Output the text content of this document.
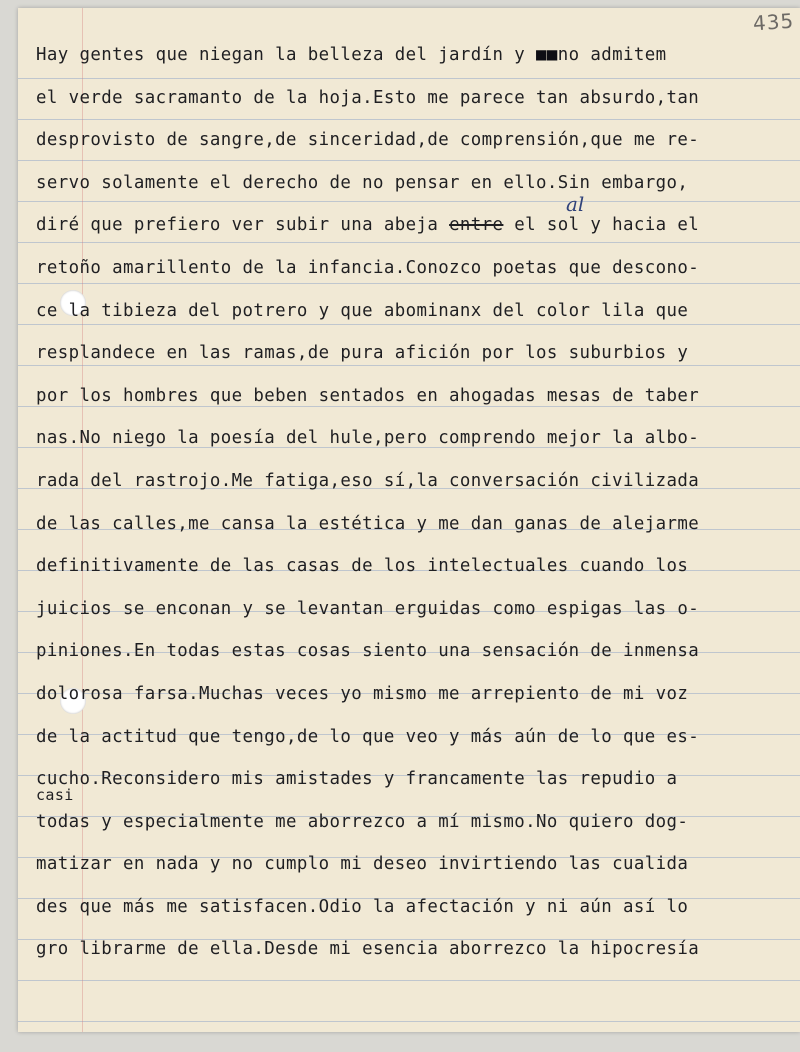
435
al
Hay gentes que niegan la belleza del jardín y ■■no admitem
el verde sacramanto de la hoja.Esto me parece tan absurdo,tan
desprovisto de sangre,de sinceridad,de comprensión,que me re-
servo solamente el derecho de no pensar en ello.Sin embargo,
diré que prefiero ver subir una abeja entre el sol y hacia el
retoño amarillento de la infancia.Conozco poetas que descono-
ce la tibieza del potrero y que abominanx del color lila que
resplandece en las ramas,de pura afición por los suburbios y
por los hombres que beben sentados en ahogadas mesas de taber
nas.No niego la poesía del hule,pero comprendo mejor la albo-
rada del rastrojo.Me fatiga,eso sí,la conversación civilizada
de las calles,me cansa la estética y me dan ganas de alejarme
definitivamente de las casas de los intelectuales cuando los
juicios se enconan y se levantan erguidas como espigas las o-
piniones.En todas estas cosas siento una sensación de inmensa
dolorosa farsa.Muchas veces yo mismo me arrepiento de mi voz
de la actitud que tengo,de lo que veo y más aún de lo que es-
cucho.Reconsidero mis amistades y francamente las repudio a
todas y especialmente me aborrezco a mí mismo.No quiero dog-
matizar en nada y no cumplo mi deseo invirtiendo las cualida
des que más me satisfacen.Odio la afectación y ni aún así lo
gro librarme de ella.Desde mi esencia aborrezco la hipocresía
casi
